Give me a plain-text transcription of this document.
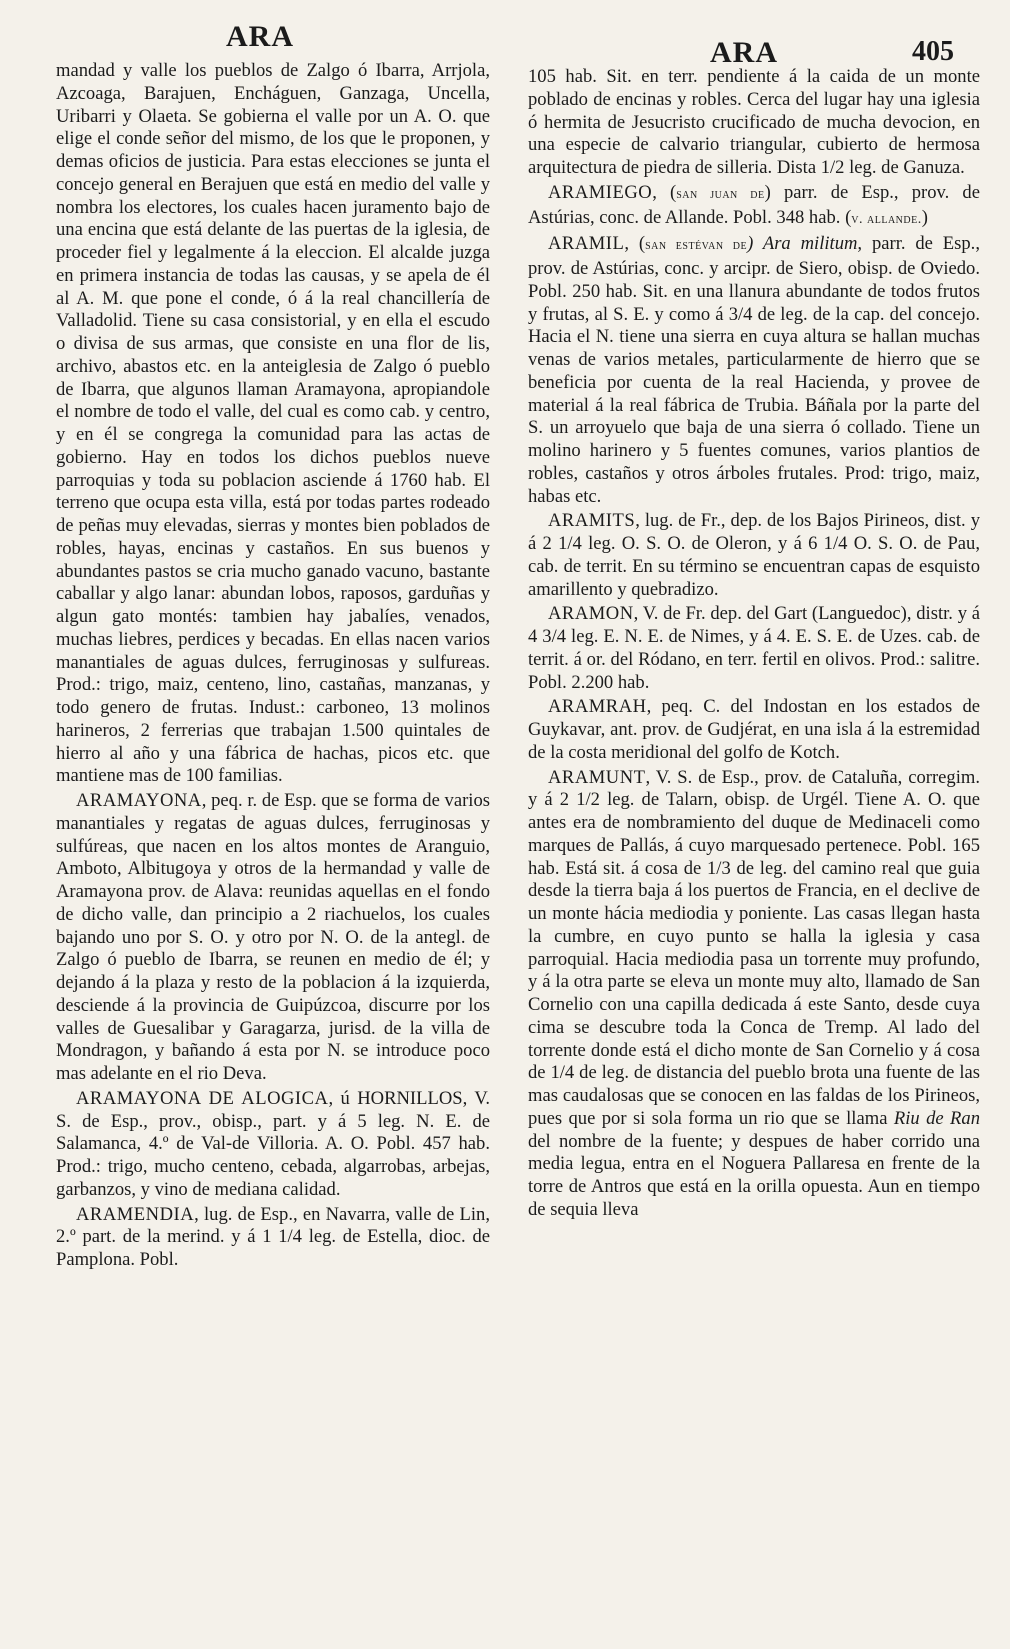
ARA	ARA	405

mandad y valle los pueblos de Zalgo ó Ibarra, Arrjola, Azcoaga, Barajuen, Encháguen, Ganzaga, Uncella, Uribarri y Olaeta. Se gobierna el valle por un A. O. que elige el conde señor del mismo, de los que le proponen, y demas oficios de justicia. Para estas elecciones se junta el concejo general en Berajuen que está en medio del valle y nombra los electores, los cuales hacen juramento bajo de una encina que está delante de las puertas de la iglesia, de proceder fiel y legalmente á la eleccion. El alcalde juzga en primera instancia de todas las causas, y se apela de él al A. M. que pone el conde, ó á la real chancillería de Valladolid. Tiene su casa consistorial, y en ella el escudo o divisa de sus armas, que consiste en una flor de lis, archivo, abastos etc. en la anteiglesia de Zalgo ó pueblo de Ibarra, que algunos llaman Aramayona, apropiandole el nombre de todo el valle, del cual es como cab. y centro, y en él se congrega la comunidad para las actas de gobierno. Hay en todos los dichos pueblos nueve parroquias y toda su poblacion asciende á 1760 hab. El terreno que ocupa esta villa, está por todas partes rodeado de peñas muy elevadas, sierras y montes bien poblados de robles, hayas, encinas y castaños. En sus buenos y abundantes pastos se cria mucho ganado vacuno, bastante caballar y algo lanar: abundan lobos, raposos, garduñas y algun gato montés: tambien hay jabalíes, venados, muchas liebres, perdices y becadas. En ellas nacen varios manantiales de aguas dulces, ferruginosas y sulfureas. Prod.: trigo, maiz, centeno, lino, castañas, manzanas, y todo genero de frutas. Indust.: carboneo, 13 molinos harineros, 2 ferrerias que trabajan 1.500 quintales de hierro al año y una fábrica de hachas, picos etc. que mantiene mas de 100 familias.

ARAMAYONA, peq. r. de Esp. que se forma de varios manantiales y regatas de aguas dulces, ferruginosas y sulfúreas, que nacen en los altos montes de Aranguio, Amboto, Albitugoya y otros de la hermandad y valle de Aramayona prov. de Alava: reunidas aquellas en el fondo de dicho valle, dan principio a 2 riachuelos, los cuales bajando uno por S. O. y otro por N. O. de la antegl. de Zalgo ó pueblo de Ibarra, se reunen en medio de él; y dejando á la plaza y resto de la poblacion á la izquierda, desciende á la provincia de Guipúzcoa, discurre por los valles de Guesalibar y Garagarza, jurisd. de la villa de Mondragon, y bañando á esta por N. se introduce poco mas adelante en el rio Deva.

ARAMAYONA DE ALOGICA, ú HORNILLOS, V. S. de Esp., prov., obisp., part. y á 5 leg. N. E. de Salamanca, 4.º de Val-de Villoria. A. O. Pobl. 457 hab. Prod.: trigo, mucho centeno, cebada, algarrobas, arbejas, garbanzos, y vino de mediana calidad.

ARAMENDIA, lug. de Esp., en Navarra, valle de Lin, 2.º part. de la merind. y á 1 1/4 leg. de Estella, dioc. de Pamplona. Pobl.

105 hab. Sit. en terr. pendiente á la caida de un monte poblado de encinas y robles. Cerca del lugar hay una iglesia ó hermita de Jesucristo crucificado de mucha devocion, en una especie de calvario triangular, cubierto de hermosa arquitectura de piedra de silleria. Dista 1/2 leg. de Ganuza.

ARAMIEGO, (san juan de) parr. de Esp., prov. de Astúrias, conc. de Allande. Pobl. 348 hab. (v. allande.)

ARAMIL, (san estévan de) Ara militum, parr. de Esp., prov. de Astúrias, conc. y arcipr. de Siero, obisp. de Oviedo. Pobl. 250 hab. Sit. en una llanura abundante de todos frutos y frutas, al S. E. y como á 3/4 de leg. de la cap. del concejo. Hacia el N. tiene una sierra en cuya altura se hallan muchas venas de varios metales, particularmente de hierro que se beneficia por cuenta de la real Hacienda, y provee de material á la real fábrica de Trubia. Báñala por la parte del S. un arroyuelo que baja de una sierra ó collado. Tiene un molino harinero y 5 fuentes comunes, varios plantios de robles, castaños y otros árboles frutales. Prod: trigo, maiz, habas etc.

ARAMITS, lug. de Fr., dep. de los Bajos Pirineos, dist. y á 2 1/4 leg. O. S. O. de Oleron, y á 6 1/4 O. S. O. de Pau, cab. de territ. En su término se encuentran capas de esquisto amarillento y quebradizo.

ARAMON, V. de Fr. dep. del Gart (Languedoc), distr. y á 4 3/4 leg. E. N. E. de Nimes, y á 4. E. S. E. de Uzes. cab. de territ. á or. del Ródano, en terr. fertil en olivos. Prod.: salitre. Pobl. 2.200 hab.

ARAMRAH, peq. C. del Indostan en los estados de Guykavar, ant. prov. de Gudjérat, en una isla á la estremidad de la costa meridional del golfo de Kotch.

ARAMUNT, V. S. de Esp., prov. de Cataluña, corregim. y á 2 1/2 leg. de Talarn, obisp. de Urgél. Tiene A. O. que antes era de nombramiento del duque de Medinaceli como marques de Pallás, á cuyo marquesado pertenece. Pobl. 165 hab. Está sit. á cosa de 1/3 de leg. del camino real que guia desde la tierra baja á los puertos de Francia, en el declive de un monte hácia mediodia y poniente. Las casas llegan hasta la cumbre, en cuyo punto se halla la iglesia y casa parroquial. Hacia mediodia pasa un torrente muy profundo, y á la otra parte se eleva un monte muy alto, llamado de San Cornelio con una capilla dedicada á este Santo, desde cuya cima se descubre toda la Conca de Tremp. Al lado del torrente donde está el dicho monte de San Cornelio y á cosa de 1/4 de leg. de distancia del pueblo brota una fuente de las mas caudalosas que se conocen en las faldas de los Pirineos, pues que por si sola forma un rio que se llama Riu de Ran del nombre de la fuente; y despues de haber corrido una media legua, entra en el Noguera Pallaresa en frente de la torre de Antros que está en la orilla opuesta. Aun en tiempo de sequia lleva
